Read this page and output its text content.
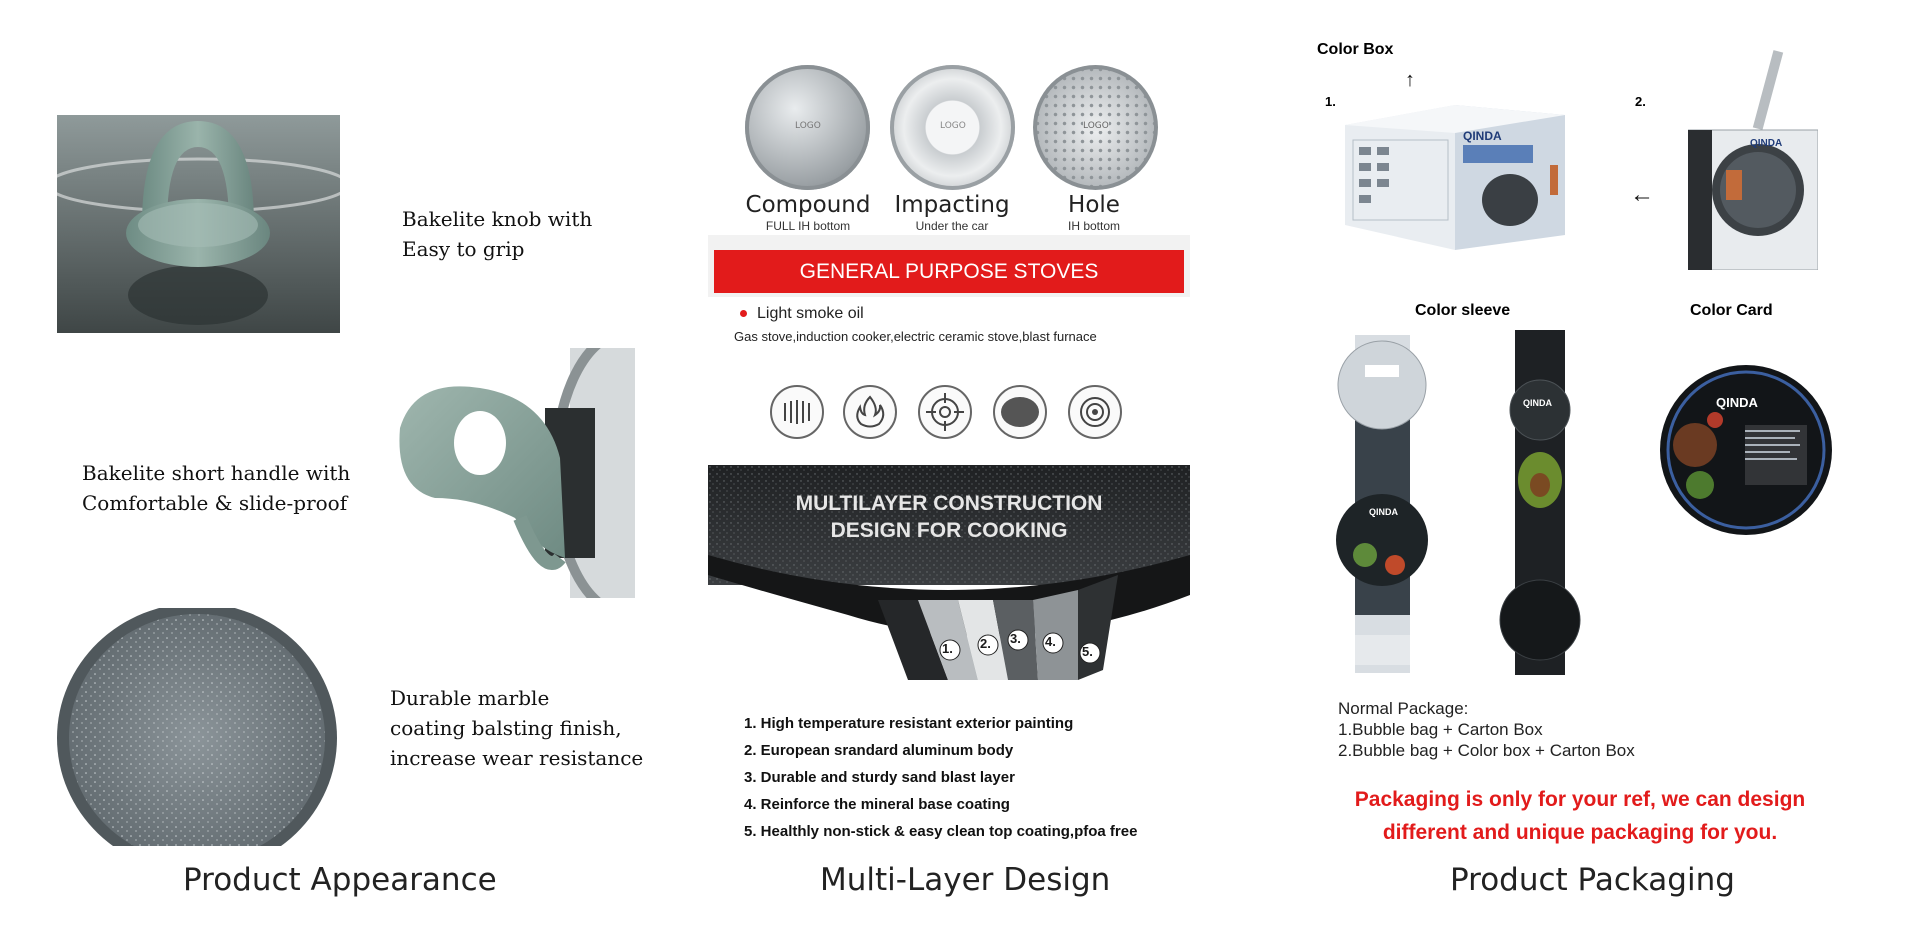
Bakelite knob with
Easy to grip
Bakelite short handle with
Comfortable & slide-proof
Durable marble
coating balsting finish,
increase wear resistance
Product Appearance
LOGO	LOGO	LOGO
Compound
FULL IH bottom
Impacting
Under the car
Hole
IH bottom
GENERAL PURPOSE STOVES
Light smoke oil
Gas stove,induction cooker,electric ceramic stove,blast furnace
MULTILAYER CONSTRUCTION
DESIGN FOR COOKING
1. 2. 3. 4.
5.
1. High temperature resistant exterior painting
2. European srandard aluminum body
3. Durable and sturdy sand blast layer
4. Reinforce the mineral base coating
5. Healthly non-stick & easy clean top coating,pfoa free
Multi-Layer Design
Color Box
1.
↑
QINDA
2.
←
QINDA
Color sleeve	Color Card
QINDA
QINDA	QINDA
Normal Package:
1.Bubble bag + Carton Box
2.Bubble bag + Color box + Carton Box
Packaging is only for your ref, we can design
different and unique packaging for you.
Product Packaging
